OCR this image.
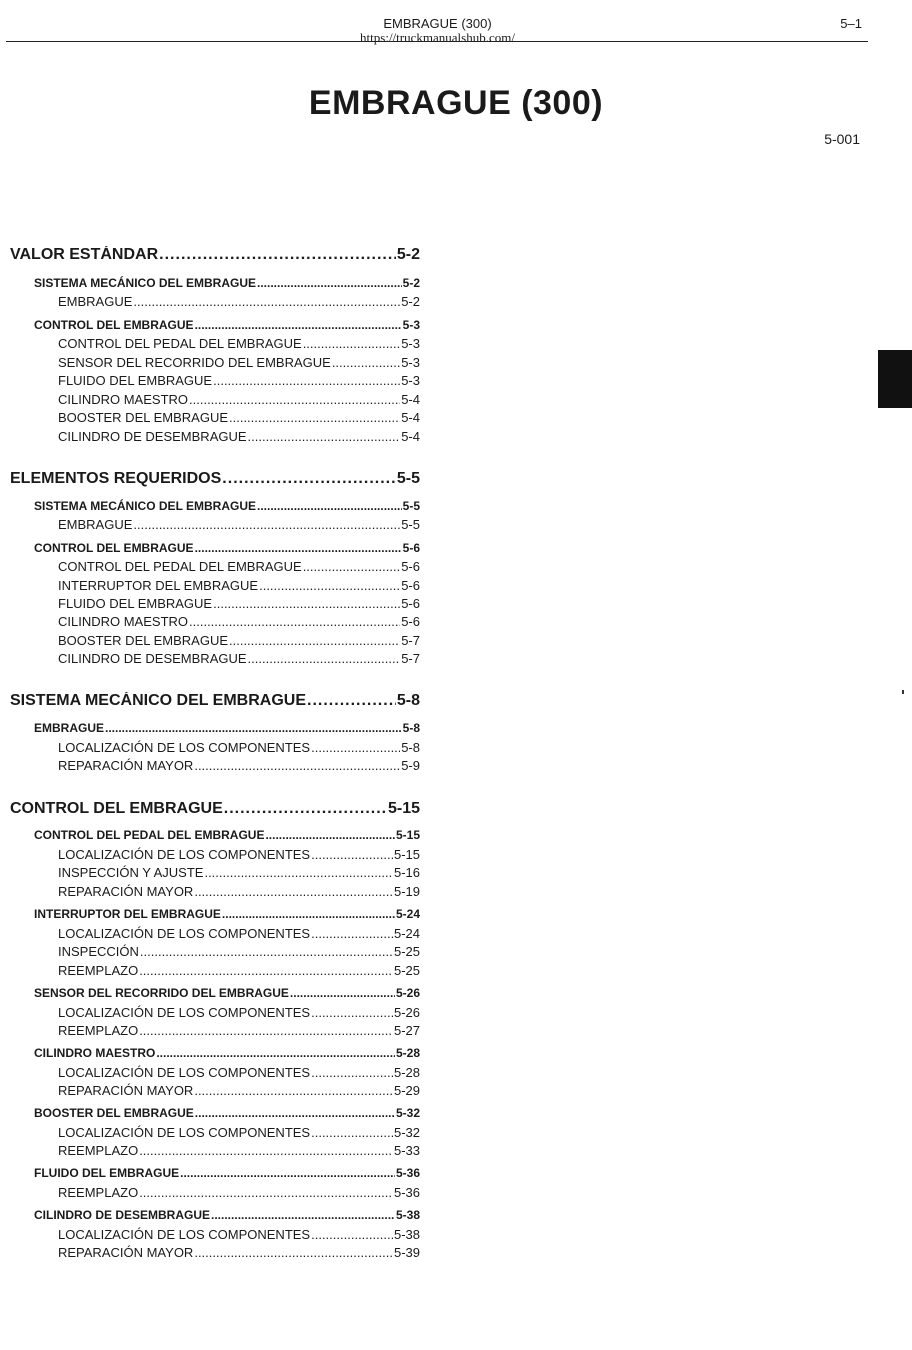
EMBRAGUE (300)
https://truckmanualshub.com/
5–1
EMBRAGUE (300)
5-001
VALOR ESTÁNDAR .....	5-2
SISTEMA MECÁNICO DEL EMBRAGUE .....	5-2
EMBRAGUE .....	5-2
CONTROL DEL EMBRAGUE .....	5-3
CONTROL DEL PEDAL DEL EMBRAGUE .....	5-3
SENSOR DEL RECORRIDO DEL EMBRAGUE .....	5-3
FLUIDO DEL EMBRAGUE .....	5-3
CILINDRO MAESTRO .....	5-4
BOOSTER DEL EMBRAGUE .....	5-4
CILINDRO DE DESEMBRAGUE .....	5-4
ELEMENTOS REQUERIDOS .....	5-5
SISTEMA MECÁNICO DEL EMBRAGUE .....	5-5
EMBRAGUE .....	5-5
CONTROL DEL EMBRAGUE .....	5-6
CONTROL DEL PEDAL DEL EMBRAGUE .....	5-6
INTERRUPTOR DEL EMBRAGUE .....	5-6
FLUIDO DEL EMBRAGUE .....	5-6
CILINDRO MAESTRO .....	5-6
BOOSTER DEL EMBRAGUE .....	5-7
CILINDRO DE DESEMBRAGUE .....	5-7
SISTEMA MECÁNICO DEL EMBRAGUE .....	5-8
EMBRAGUE .....	5-8
LOCALIZACIÓN DE LOS COMPONENTES .....	5-8
REPARACIÓN MAYOR .....	5-9
CONTROL DEL EMBRAGUE .....	5-15
CONTROL DEL PEDAL DEL EMBRAGUE .....	5-15
LOCALIZACIÓN DE LOS COMPONENTES .....	5-15
INSPECCIÓN Y AJUSTE .....	5-16
REPARACIÓN MAYOR .....	5-19
INTERRUPTOR DEL EMBRAGUE .....	5-24
LOCALIZACIÓN DE LOS COMPONENTES .....	5-24
INSPECCIÓN .....	5-25
REEMPLAZO .....	5-25
SENSOR DEL RECORRIDO DEL EMBRAGUE .....	5-26
LOCALIZACIÓN DE LOS COMPONENTES .....	5-26
REEMPLAZO .....	5-27
CILINDRO MAESTRO .....	5-28
LOCALIZACIÓN DE LOS COMPONENTES .....	5-28
REPARACIÓN MAYOR .....	5-29
BOOSTER DEL EMBRAGUE .....	5-32
LOCALIZACIÓN DE LOS COMPONENTES .....	5-32
REEMPLAZO .....	5-33
FLUIDO DEL EMBRAGUE .....	5-36
REEMPLAZO .....	5-36
CILINDRO DE DESEMBRAGUE .....	5-38
LOCALIZACIÓN DE LOS COMPONENTES .....	5-38
REPARACIÓN MAYOR .....	5-39
